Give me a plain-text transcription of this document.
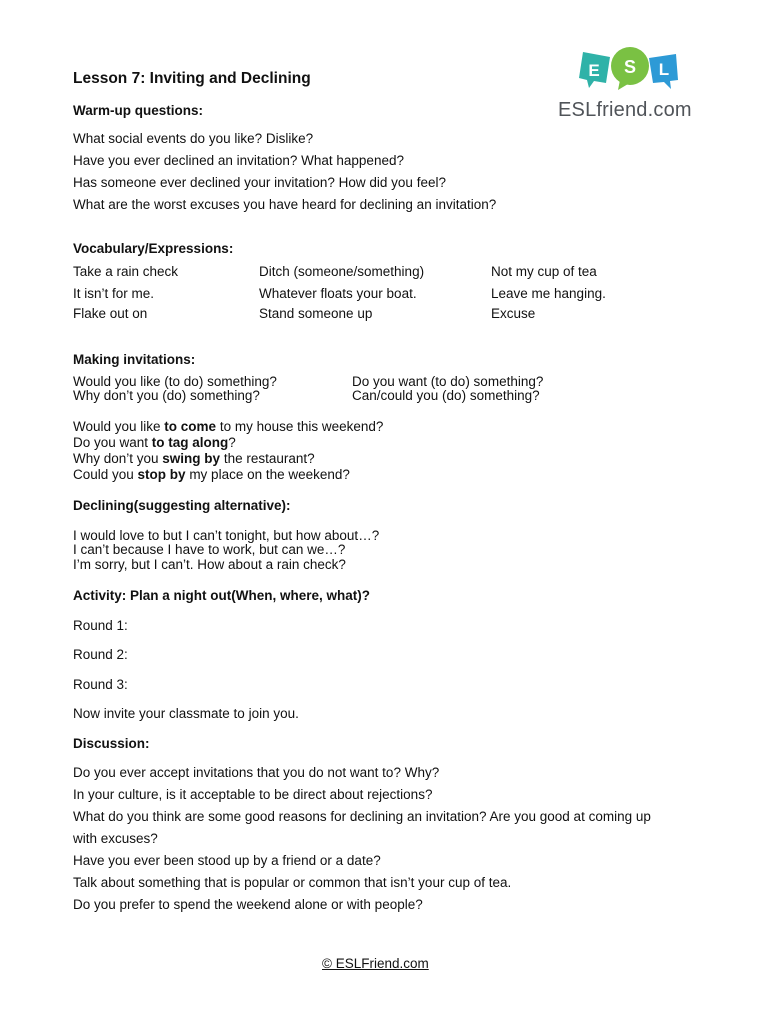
E S L
ESLfriend.com
Lesson 7: Inviting and Declining
Warm-up questions:
What social events do you like? Dislike?
Have you ever declined an invitation? What happened?
Has someone ever declined your invitation? How did you feel?
What are the worst excuses you have heard for declining an invitation?
Vocabulary/Expressions:
Take a rain check
It isn’t for me.
Flake out on
Ditch (someone/something)
Whatever floats your boat.
Stand someone up
Not my cup of tea
Leave me hanging.
Excuse
Making invitations:
Would you like (to do) something?
Why don’t you (do) something?
Do you want (to do) something?
Can/could you (do) something?
Would you like to come to my house this weekend?
Do you want to tag along?
Why don’t you swing by the restaurant?
Could you stop by my place on the weekend?
Declining(suggesting alternative):
I would love to but I can’t tonight, but how about…?
I can’t because I have to work, but can we…?
I’m sorry, but I can’t. How about a rain check?
Activity: Plan a night out(When, where, what)?
Round 1:
Round 2:
Round 3:
Now invite your classmate to join you.
Discussion:
Do you ever accept invitations that you do not want to? Why?
In your culture, is it acceptable to be direct about rejections?
What do you think are some good reasons for declining an invitation? Are you good at coming up
with excuses?
Have you ever been stood up by a friend or a date?
Talk about something that is popular or common that isn’t your cup of tea.
Do you prefer to spend the weekend alone or with people?
© ESLFriend.com
